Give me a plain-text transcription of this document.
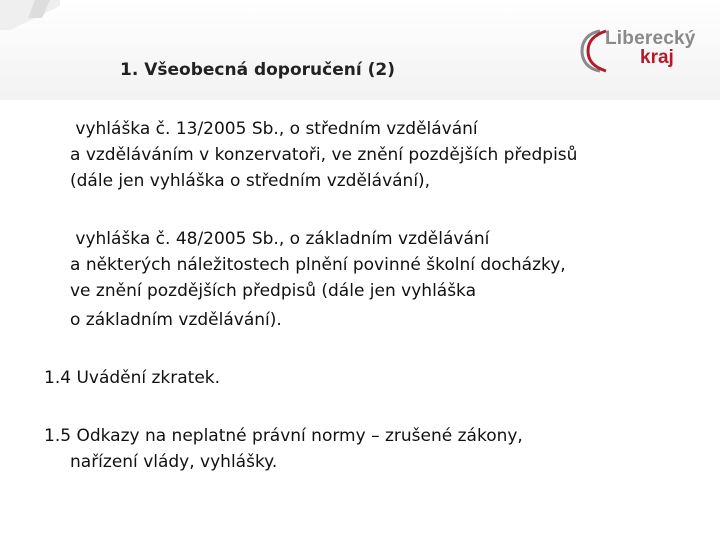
1. Všeobecná doporučení (2)
Liberecký
kraj
vyhláška č. 13/2005 Sb., o středním vzdělávání
a vzděláváním v konzervatoři, ve znění pozdějších předpisů
(dále jen vyhláška o středním vzdělávání),
vyhláška č. 48/2005 Sb., o základním vzdělávání
a některých náležitostech plnění povinné školní docházky,
ve znění pozdějších předpisů (dále jen vyhláška
o základním vzdělávání).
1.4 Uvádění zkratek.
1.5 Odkazy na neplatné právní normy – zrušené zákony,
nařízení vlády, vyhlášky.
